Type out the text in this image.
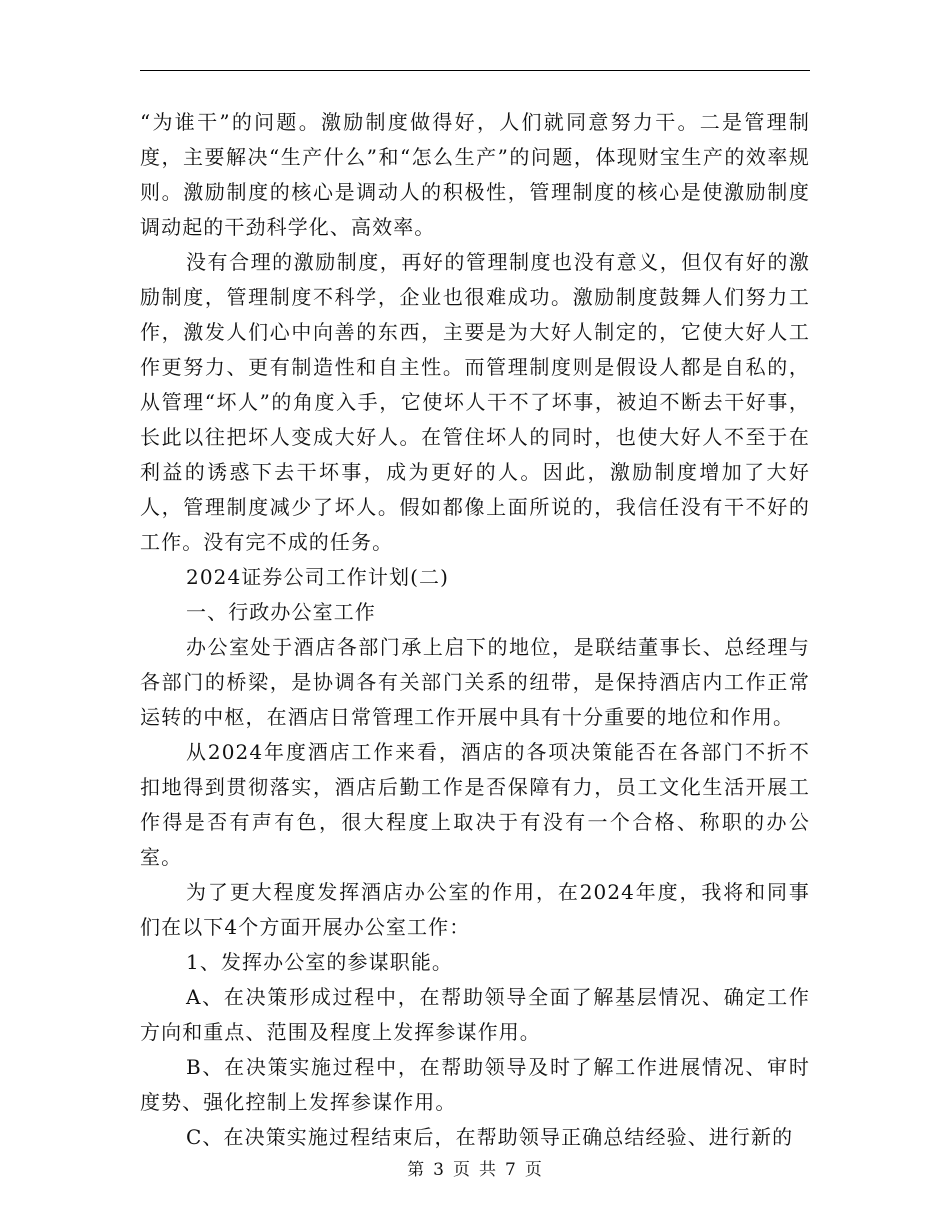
“为谁干”的问题。激励制度做得好，人们就同意努力干。二是管理制度，主要解决“生产什么”和“怎么生产”的问题，体现财宝生产的效率规则。激励制度的核心是调动人的积极性，管理制度的核心是使激励制度调动起的干劲科学化、高效率。

没有合理的激励制度，再好的管理制度也没有意义，但仅有好的激励制度，管理制度不科学，企业也很难成功。激励制度鼓舞人们努力工作，激发人们心中向善的东西，主要是为大好人制定的，它使大好人工作更努力、更有制造性和自主性。而管理制度则是假设人都是自私的，从管理“坏人”的角度入手，它使坏人干不了坏事，被迫不断去干好事，长此以往把坏人变成大好人。在管住坏人的同时，也使大好人不至于在利益的诱惑下去干坏事，成为更好的人。因此，激励制度增加了大好人，管理制度减少了坏人。假如都像上面所说的，我信任没有干不好的工作。没有完不成的任务。

2024证券公司工作计划(二)

一、行政办公室工作

办公室处于酒店各部门承上启下的地位，是联结董事长、总经理与各部门的桥梁，是协调各有关部门关系的纽带，是保持酒店内工作正常运转的中枢，在酒店日常管理工作开展中具有十分重要的地位和作用。

从2024年度酒店工作来看，酒店的各项决策能否在各部门不折不扣地得到贯彻落实，酒店后勤工作是否保障有力，员工文化生活开展工作得是否有声有色，很大程度上取决于有没有一个合格、称职的办公室。

为了更大程度发挥酒店办公室的作用，在2024年度，我将和同事们在以下4个方面开展办公室工作：

1、发挥办公室的参谋职能。

A、在决策形成过程中，在帮助领导全面了解基层情况、确定工作方向和重点、范围及程度上发挥参谋作用。

B、在决策实施过程中，在帮助领导及时了解工作进展情况、审时度势、强化控制上发挥参谋作用。

C、在决策实施过程结束后，在帮助领导正确总结经验、进行新的

第 3 页 共 7 页
